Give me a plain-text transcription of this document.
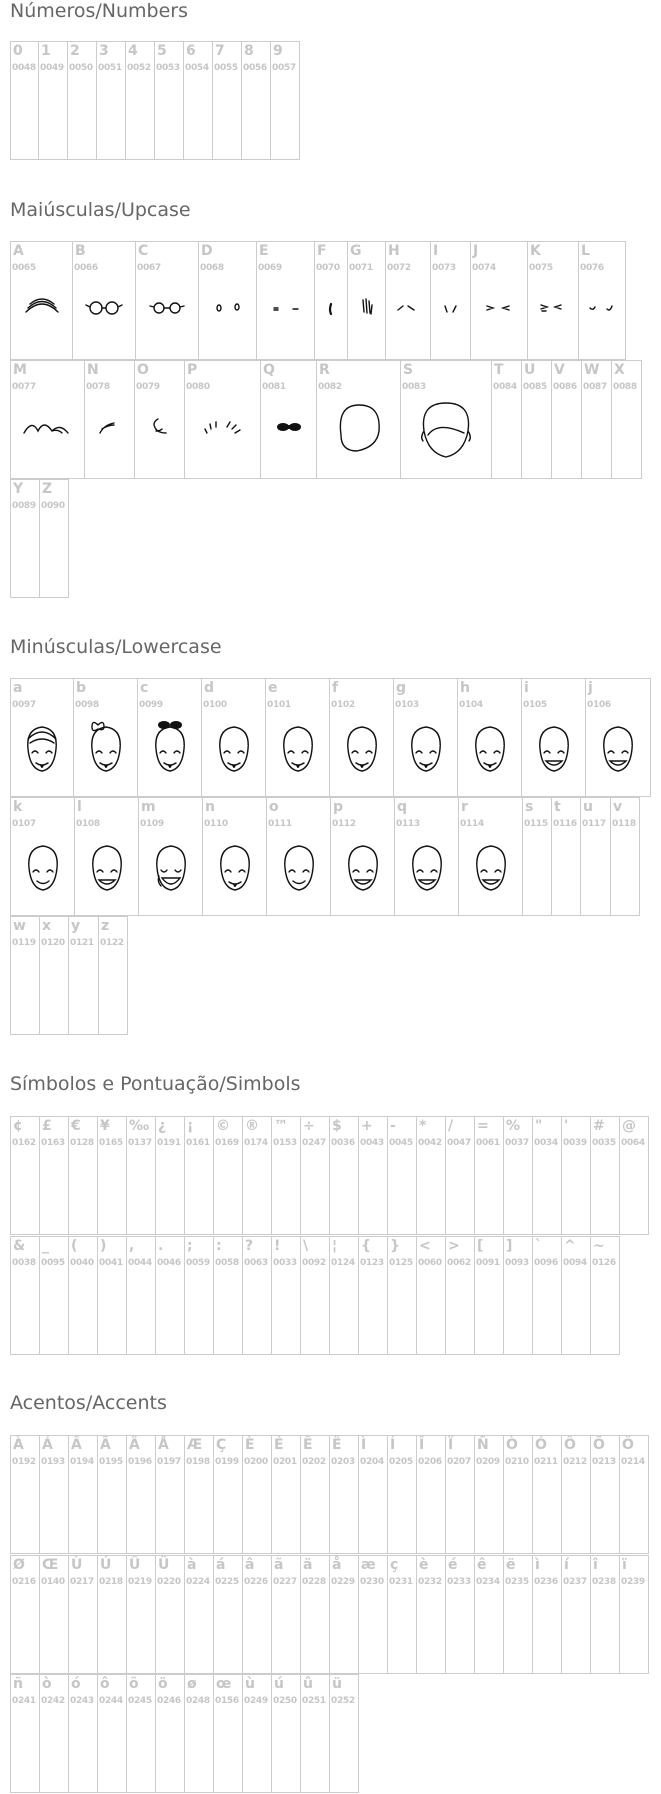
Números/Numbers
0
0048
1
0049
2
0050
3
0051
4
0052
5
0053
6
0054
7
0055
8
0056
9
0057
Maiúsculas/Upcase
A
0065
B
0066
C
0067
D
0068
E
0069
F
0070
G
0071
H
0072
I
0073
J
0074
K
0075
L
0076
M
0077
N
0078
O
0079
P
0080
Q
0081
R
0082
S
0083
T
0084
U
0085
V
0086
W
0087
X
0088
Y
0089
Z
0090
Minúsculas/Lowercase
a
0097
b
0098
c
0099
d
0100
e
0101
f
0102
g
0103
h
0104
i
0105
j
0106
k
0107
l
0108
m
0109
n
0110
o
0111
p
0112
q
0113
r
0114
s
0115
t
0116
u
0117
v
0118
w
0119
x
0120
y
0121
z
0122
Símbolos e Pontuação/Simbols
¢
0162
£
0163
€
0128
¥
0165
‰
0137
¿
0191
¡
0161
©
0169
®
0174
™
0153
÷
0247
$
0036
+
0043
-
0045
*
0042
/
0047
=
0061
%
0037
"
0034
'
0039
#
0035
@
0064
&
0038
_
0095
(
0040
)
0041
,
0044
.
0046
;
0059
:
0058
?
0063
!
0033
\
0092
¦
0124
{
0123
}
0125
<
0060
>
0062
[
0091
]
0093
`
0096
^
0094
~
0126
Acentos/Accents
À
0192
Á
0193
Â
0194
Ã
0195
Ä
0196
Å
0197
Æ
0198
Ç
0199
È
0200
É
0201
Ê
0202
Ë
0203
Ì
0204
Í
0205
Î
0206
Ï
0207
Ñ
0209
Ò
0210
Ó
0211
Ô
0212
Õ
0213
Ö
0214
Ø
0216
Œ
0140
Ù
0217
Ú
0218
Û
0219
Ü
0220
à
0224
á
0225
â
0226
ã
0227
ä
0228
å
0229
æ
0230
ç
0231
è
0232
é
0233
ê
0234
ë
0235
ì
0236
í
0237
î
0238
ï
0239
ñ
0241
ò
0242
ó
0243
ô
0244
õ
0245
ö
0246
ø
0248
œ
0156
ù
0249
ú
0250
û
0251
ü
0252
